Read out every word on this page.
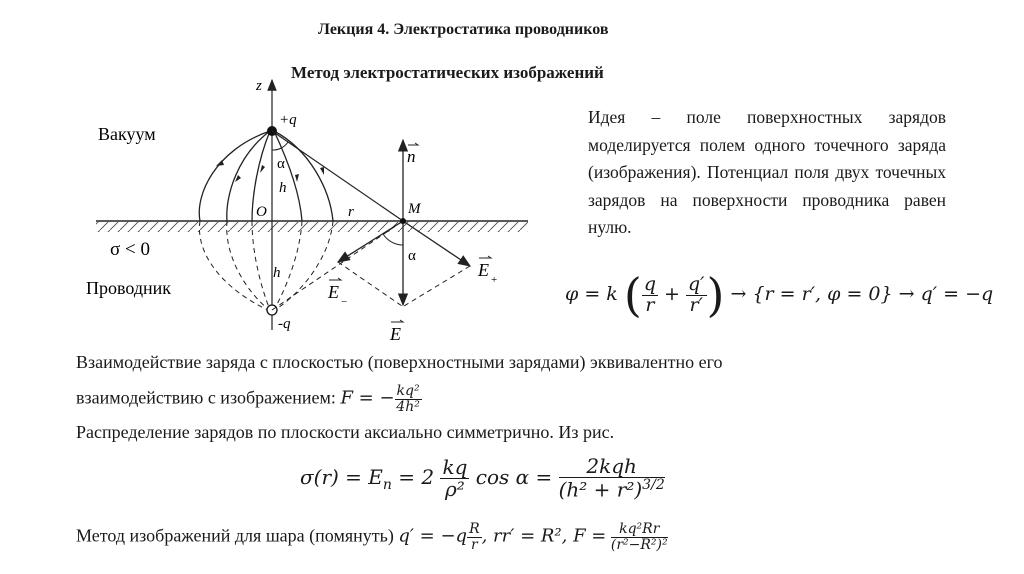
Лекция 4. Электростатика проводников
Метод электростатических изображений
z
+q
-q
Вакуум
Проводник
σ < 0
O	M
α
h
h
r
α
n
E
E +
E −
Идея – поле поверхностных зарядов моделируется полем одного точечного заряда (изображения). Потенциал поля двух точечных зарядов на поверхности проводника равен нулю.
φ = k ( $\frac{q}{r} + \frac{q'}{r'}$ ) → {r = r′, φ = 0} → q′ = −q
Взаимодействие заряда с плоскостью (поверхностными зарядами) эквивалентно его
взаимодействию с изображением: F = − $\frac{\text{kq²}}{\text{4h²}}$
Распределение зарядов по плоскости аксиально симметрично. Из рис.
$\sigma(r) = E_n = 2 \frac{kq}{\text{ρ²}}$ $\cos \alpha = \frac{\text{2kqh}}{(h^2 + r^2)^{3/2}}$
Метод изображений для шара (помянуть) $q' = -q \frac{R}{r}$ , rr′ = R², $F = \frac{\text{kq²Rr}}{\text{(r²−R²)²}}$
